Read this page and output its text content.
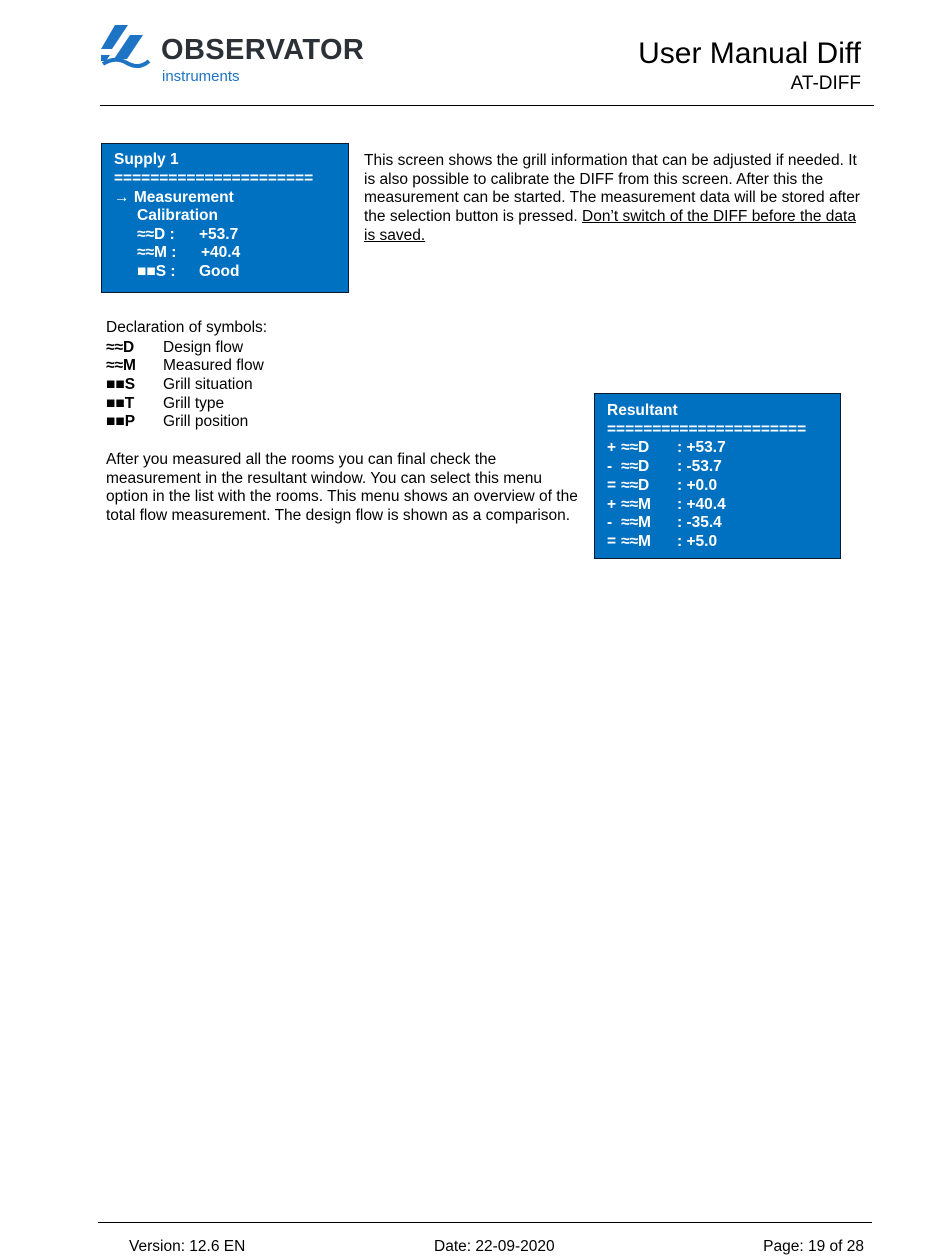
OBSERVATOR
instruments
User Manual Diff
AT-DIFF
Supply 1
======================
→ Measurement
Calibration
≈≈D : +53.7
≈≈M : +40.4
■■S : Good
This screen shows the grill information that can be adjusted if needed. It is also possible to calibrate the DIFF from this screen. After this the measurement can be started. The measurement data will be stored after the selection button is pressed. Don’t switch of the DIFF before the data is saved.
Declaration of symbols:
≈≈D Design flow
≈≈M Measured flow
■■S Grill situation
■■T Grill type
■■P Grill position
After you measured all the rooms you can final check the measurement in the resultant window. You can select this menu option in the list with the rooms. This menu shows an overview of the total flow measurement. The design flow is shown as a comparison.
Resultant
======================
+ ≈≈D : +53.7
- ≈≈D : -53.7
= ≈≈D : +0.0
+ ≈≈M : +40.4
- ≈≈M : -35.4
= ≈≈M : +5.0
Version: 12.6 EN	Date: 22-09-2020	Page: 19 of 28
